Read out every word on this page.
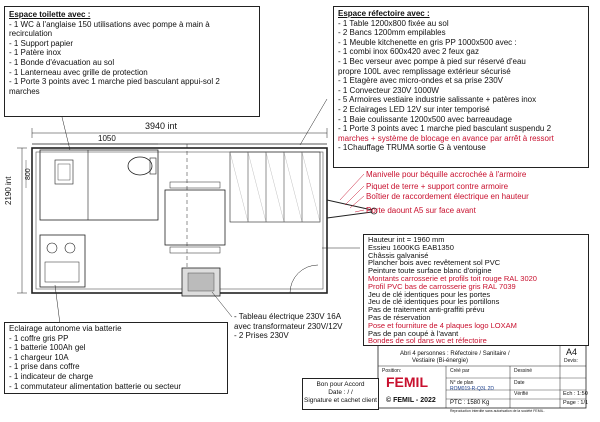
Espace toilette avec :
- 1 WC à l'anglaise 150 utilisations avec pompe à main à
recirculation
- 1 Support papier
- 1 Patère inox
- 1 Bonde d'évacuation au sol
- 1 Lanterneau avec grille de protection
- 1 Porte 3 points avec 1 marche pied basculant appui-sol 2
marches
Espace réfectoire avec :
- 1 Table 1200x800 fixée au sol
- 2 Bancs 1200mm empilables
- 1 Meuble kitchenette en gris PP 1000x500 avec :
- 1 combi inox 600x420 avec 2 feux gaz
- 1 Bec verseur avec pompe à pied sur réservé d'eau
propre 100L avec remplissage extérieur sécurisé
- 1 Etagère avec micro-ondes et sa prise 230V
- 1 Convecteur 230V 1000W
- 5 Armoires vestiaire industrie salissante + patères inox
- 2 Eclairages LED 12V sur inter temporisé
- 1 Baie coulissante 1200x500 avec barreaudage
- 1 Porte 3 points avec 1 marche pied basculant suspendu 2
marches + système de blocage en avance par arrêt à ressort
- 1Chauffage TRUMA sortie G à ventouse
3940 int
1050
2190 int
800	Manivelle pour béquille accrochée à l'armoire
Piquet de terre + support contre armoire
Boîtier de raccordement électrique en hauteur
Porte daount A5 sur face avant
Hauteur int = 1960 mm
Essieu 1600KG EAB1350
Châssis galvanisé
Plancher bois avec revêtement sol PVC
Peinture toute surface blanc d'origine
Montants carrosserie et profils toit rouge RAL 3020
Profil PVC bas de carrosserie gris RAL 7039
Jeu de clé identiques pour les portes
Jeu de clé identiques pour les portillons
Pas de traitement anti-graffiti prévu
Pas de réservation
Pose et fourniture de 4 plaques logo LOXAM
Pas de pan coupé à l'avant
Bondes de sol dans wc et réfectoire
- Tableau électrique 230V 16A
avec transformateur 230V/12V
- 2 Prises 230V
Eclairage autonome via batterie
- 1 coffre gris PP
- 1 batterie 100Ah gel
- 1 chargeur 10A
- 1 prise dans coffre
- 1 indicateur de charge
- 1 commutateur alimentation batterie ou secteur	Bon pour Accord
Date : / /
Signature et cachet client
Abri 4 personnes : Réfectoire / Sanitaire /
Vestiaire (Bi-énergie)
A4
Devis:
Position:
FEMIL
© FEMIL - 2022
Créé par
N° de plan
ROM019-R-Q3L 2D
PTC : 1580 Kg
Dessiné
Date
Vérifié	Ech : 1:50
Page : 1/1
Reproduction interdite sans autorisation de la société FEMIL.
